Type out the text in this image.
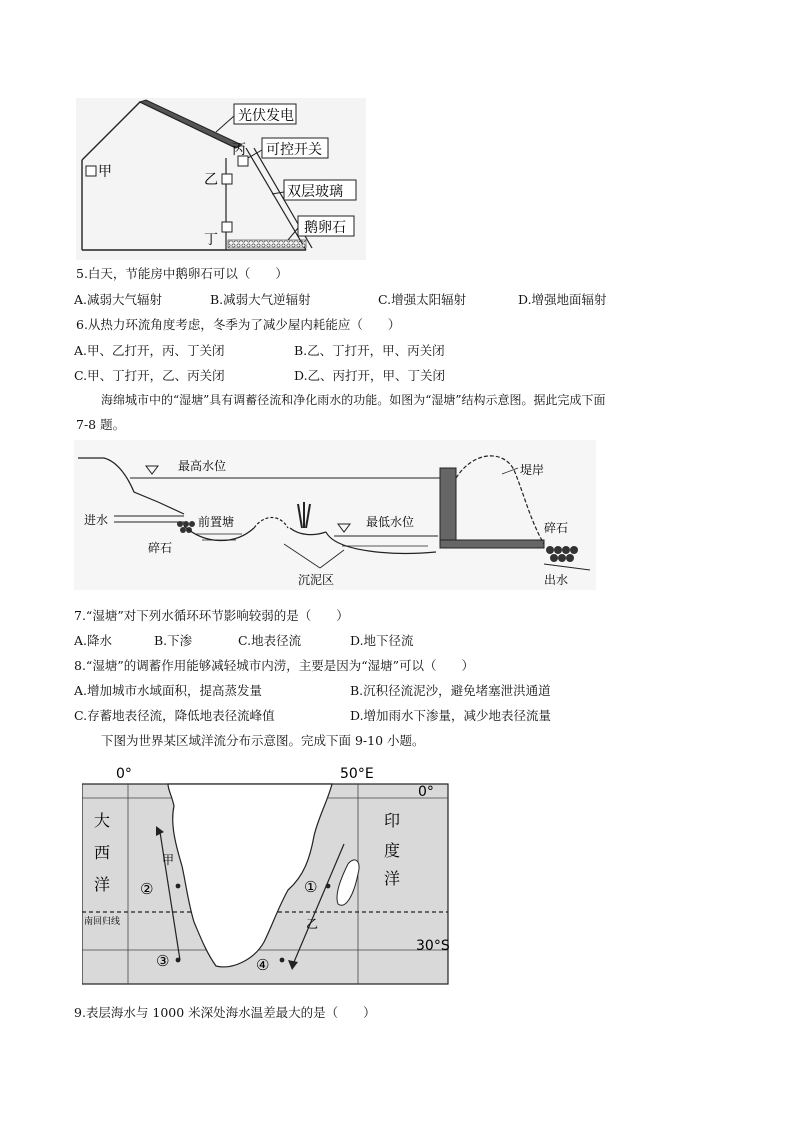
光伏发电
可控开关
双层玻璃
鹅卵石
甲	乙
丙
丁
5.白天，节能房中鹅卵石可以（　　）
A.减弱大气辐射	B.减弱大气逆辐射	C.增强太阳辐射	D.增强地面辐射
6.从热力环流角度考虑，冬季为了减少屋内耗能应（　　）
A.甲、乙打开，丙、丁关闭	B.乙、丁打开，甲、丙关闭
C.甲、丁打开，乙、丙关闭	D.乙、丙打开，甲、丁关闭
海绵城市中的“湿塘”具有调蓄径流和净化雨水的功能。如图为“湿塘”结构示意图。据此完成下面
7-8 题。
最高水位
最低水位
进水
碎石
前置塘
沉泥区
堤岸
碎石
出水
7.“湿塘”对下列水循环环节影响较弱的是（　　）
A.降水	B.下渗	C.地表径流	D.地下径流
8.“湿塘”的调蓄作用能够减轻城市内涝，主要是因为“湿塘”可以（　　）
A.增加城市水域面积，提高蒸发量	B.沉积径流泥沙，避免堵塞泄洪通道
C.存蓄地表径流，降低地表径流峰值	D.增加雨水下渗量，减少地表径流量
下图为世界某区域洋流分布示意图。完成下面 9-10 小题。
0°	50°E
0°
30°S
大
西
洋
印
度
洋
南回归线
甲
乙
①
②
③	④
9.表层海水与 1000 米深处海水温差最大的是（　　）
